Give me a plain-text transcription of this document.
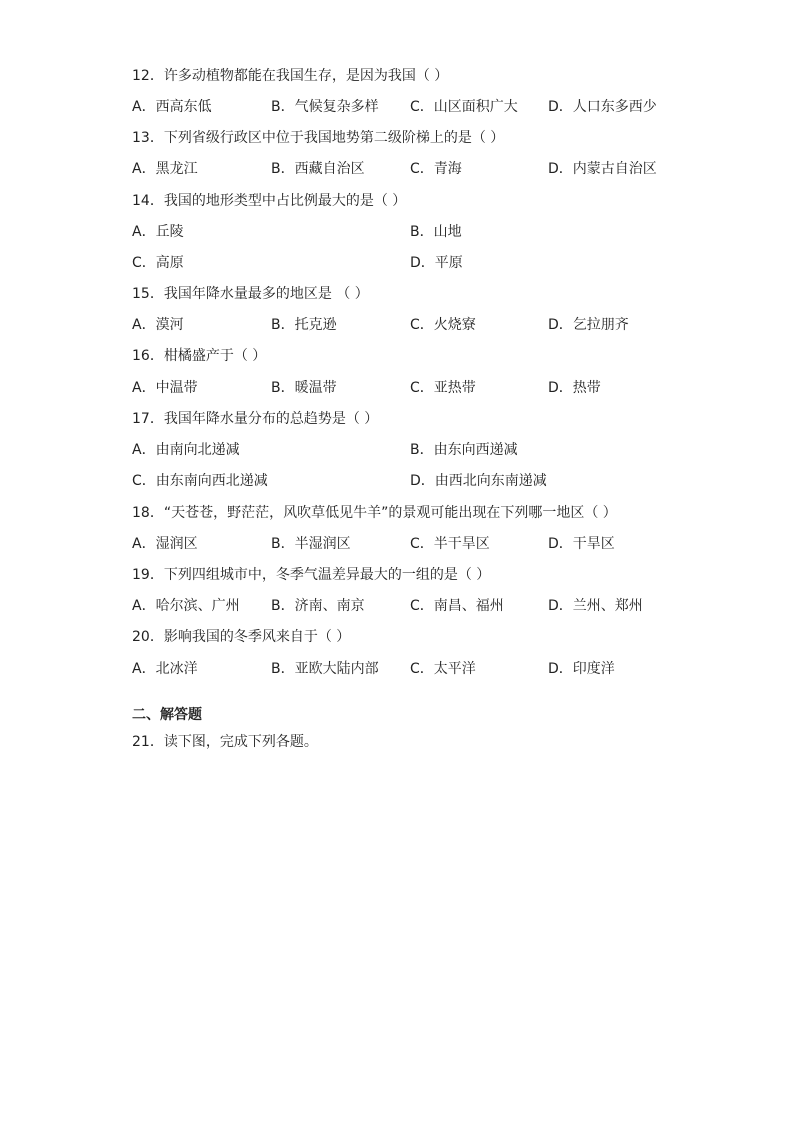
12．许多动植物都能在我国生存，是因为我国（ ）
A．西高东低	B．气候复杂多样 C．山区面积广大 D．人口东多西少
13．下列省级行政区中位于我国地势第二级阶梯上的是（ ）
A．黑龙江	B．西藏自治区	C．青海	D．内蒙古自治区
14．我国的地形类型中占比例最大的是（ ）
A．丘陵	B．山地
C．高原	D．平原
15．我国年降水量最多的地区是 （ ）
A．漠河	B．托克逊	C．火烧寮	D．乞拉朋齐
16．柑橘盛产于（ ）
A．中温带	B．暖温带	C．亚热带	D．热带
17．我国年降水量分布的总趋势是（ ）
A．由南向北递减	B．由东向西递减
C．由东南向西北递减	D．由西北向东南递减
18．“天苍苍，野茫茫，风吹草低见牛羊”的景观可能出现在下列哪一地区（ ）
A．湿润区	B．半湿润区	C．半干旱区	D．干旱区
19．下列四组城市中，冬季气温差异最大的一组的是（ ）
A．哈尔滨、广州 B．济南、南京	C．南昌、福州	D．兰州、郑州
20．影响我国的冬季风来自于（ ）
A．北冰洋	B．亚欧大陆内部 C．太平洋	D．印度洋
二、解答题
21．读下图，完成下列各题。
